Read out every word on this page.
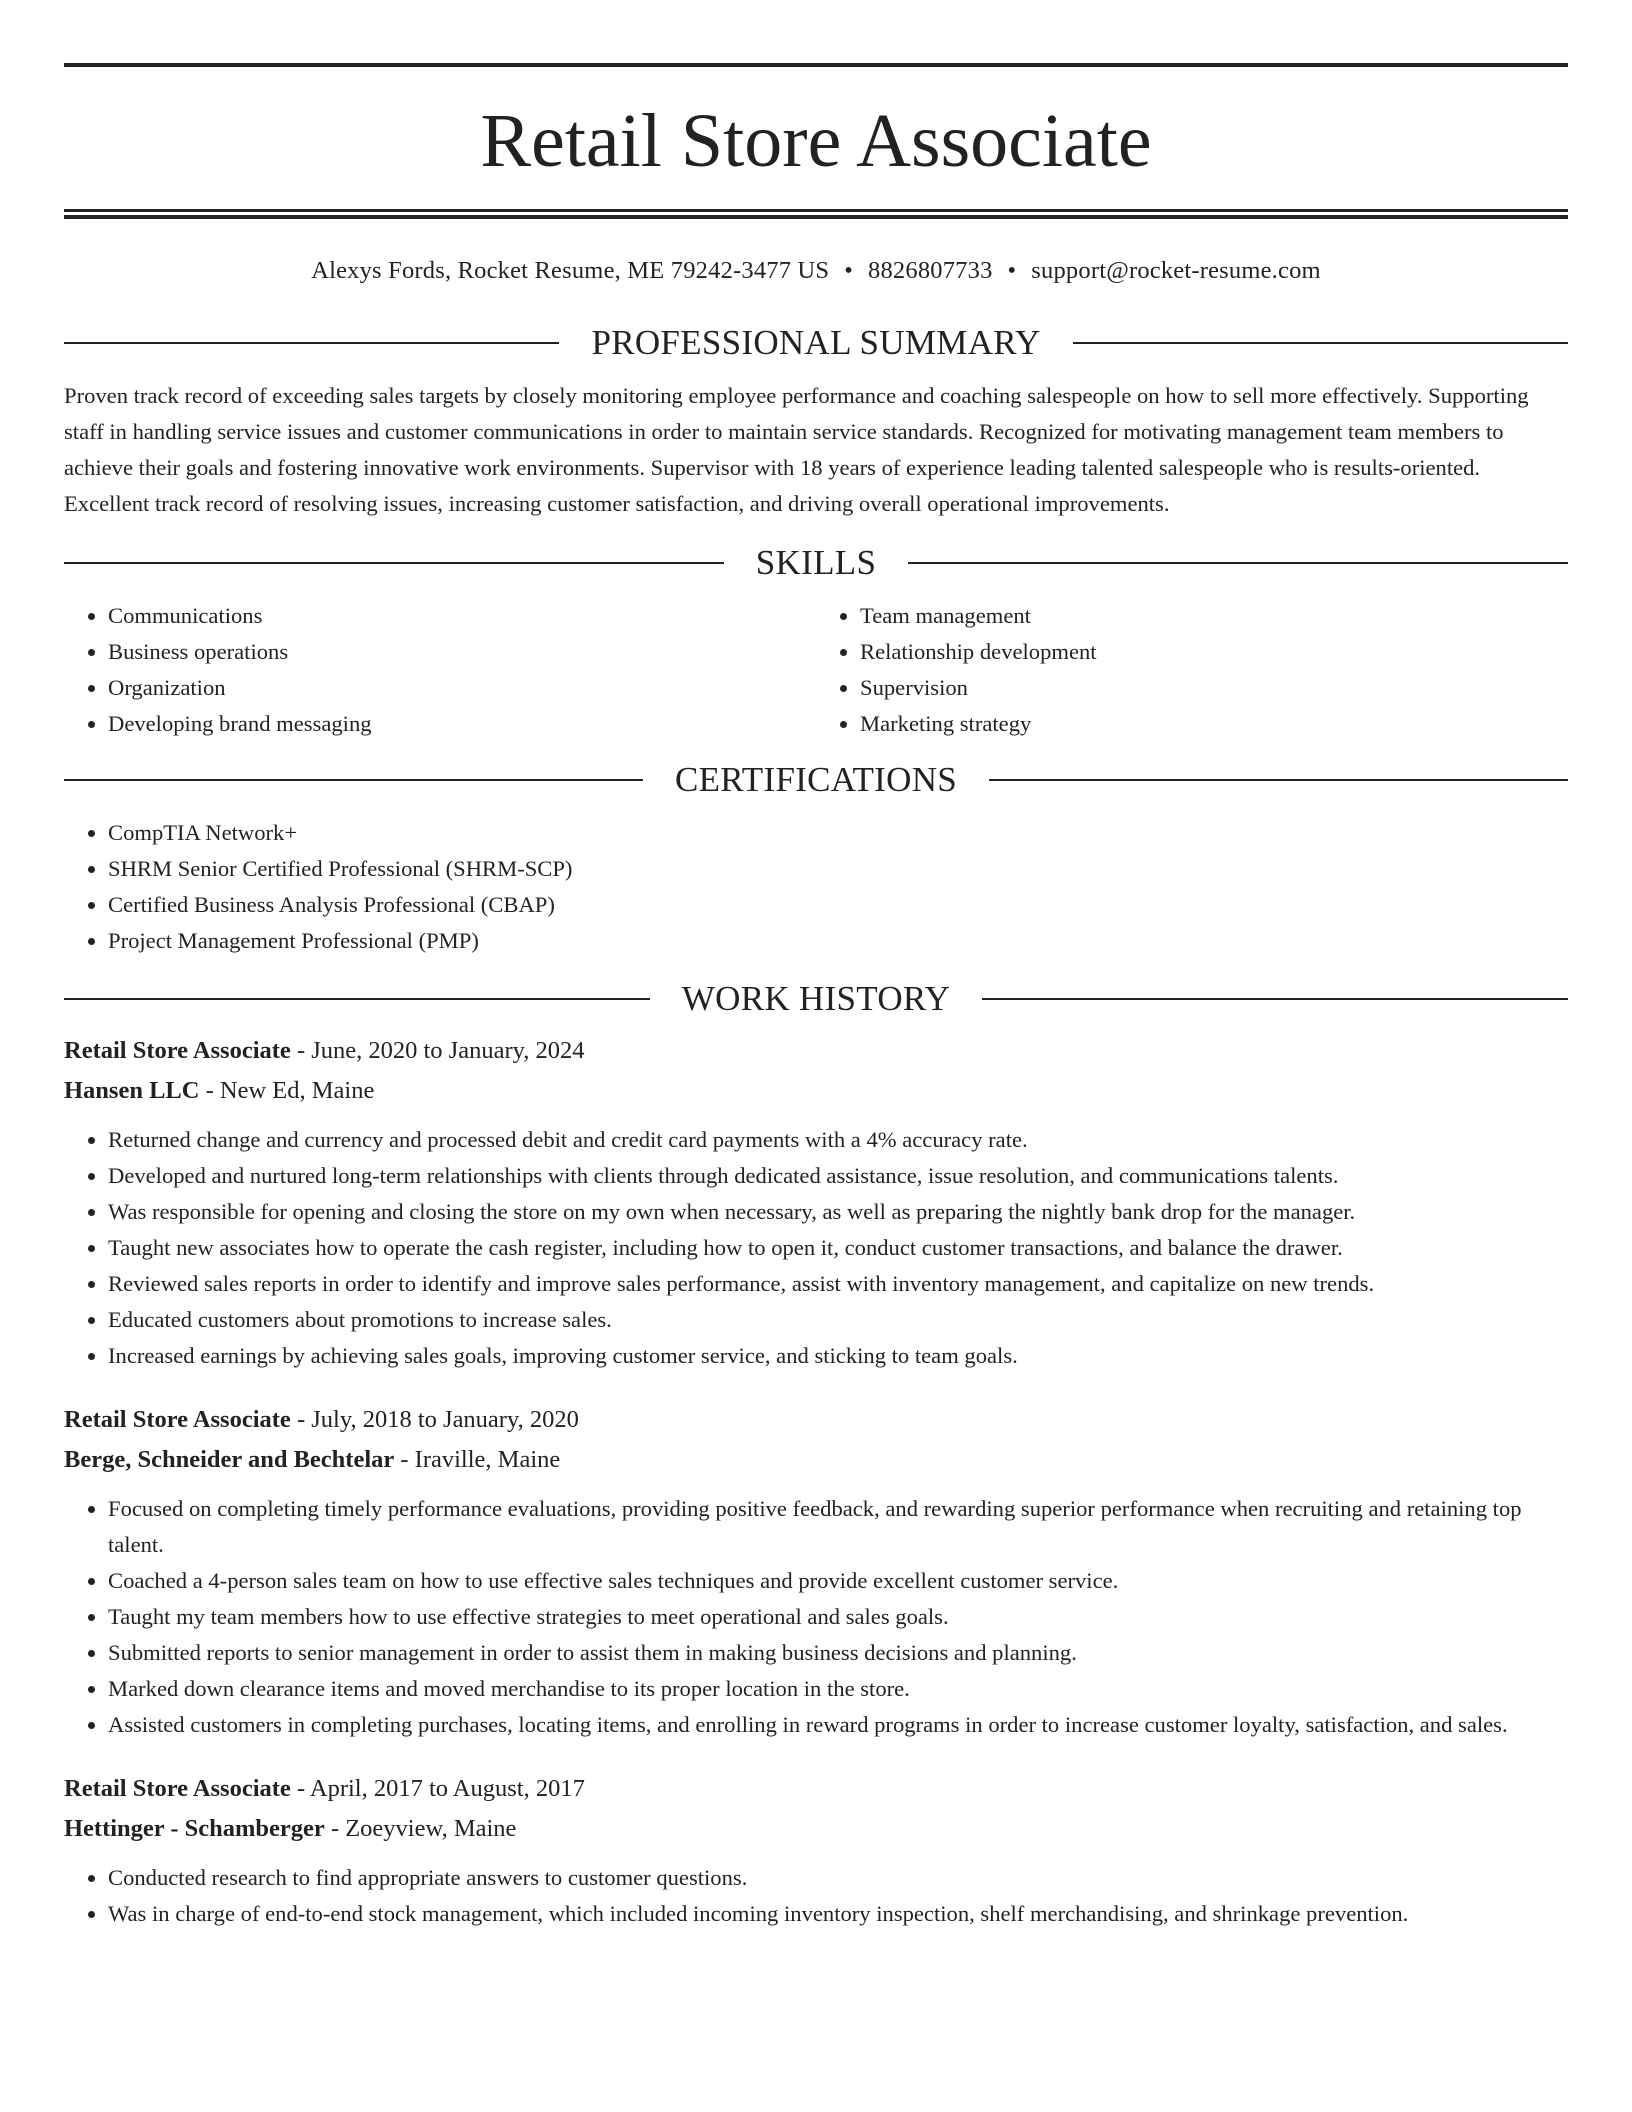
Retail Store Associate
Alexys Fords, Rocket Resume, ME 79242-3477 US • 8826807733 • support@rocket-resume.com
PROFESSIONAL SUMMARY

Proven track record of exceeding sales targets by closely monitoring employee performance and coaching salespeople on how to sell more effectively. Supporting staff in handling service issues and customer communications in order to maintain service standards. Recognized for motivating management team members to achieve their goals and fostering innovative work environments. Supervisor with 18 years of experience leading talented salespeople who is results-oriented. Excellent track record of resolving issues, increasing customer satisfaction, and driving overall operational improvements.

SKILLS
• Communications
• Business operations
• Organization
• Developing brand messaging
• Team management
• Relationship development
• Supervision
• Marketing strategy
CERTIFICATIONS
• CompTIA Network+
• SHRM Senior Certified Professional (SHRM-SCP)
• Certified Business Analysis Professional (CBAP)
• Project Management Professional (PMP)
WORK HISTORY
Retail Store Associate - June, 2020 to January, 2024
Hansen LLC - New Ed, Maine
• Returned change and currency and processed debit and credit card payments with a 4% accuracy rate.
• Developed and nurtured long-term relationships with clients through dedicated assistance, issue resolution, and communications talents.
• Was responsible for opening and closing the store on my own when necessary, as well as preparing the nightly bank drop for the manager.
• Taught new associates how to operate the cash register, including how to open it, conduct customer transactions, and balance the drawer.
• Reviewed sales reports in order to identify and improve sales performance, assist with inventory management, and capitalize on new trends.
• Educated customers about promotions to increase sales.
• Increased earnings by achieving sales goals, improving customer service, and sticking to team goals.
Retail Store Associate - July, 2018 to January, 2020
Berge, Schneider and Bechtelar - Iraville, Maine
• Focused on completing timely performance evaluations, providing positive feedback, and rewarding superior performance when recruiting and retaining top talent.
• Coached a 4-person sales team on how to use effective sales techniques and provide excellent customer service.
• Taught my team members how to use effective strategies to meet operational and sales goals.
• Submitted reports to senior management in order to assist them in making business decisions and planning.
• Marked down clearance items and moved merchandise to its proper location in the store.
• Assisted customers in completing purchases, locating items, and enrolling in reward programs in order to increase customer loyalty, satisfaction, and sales.
Retail Store Associate - April, 2017 to August, 2017
Hettinger - Schamberger - Zoeyview, Maine
• Conducted research to find appropriate answers to customer questions.
• Was in charge of end-to-end stock management, which included incoming inventory inspection, shelf merchandising, and shrinkage prevention.
